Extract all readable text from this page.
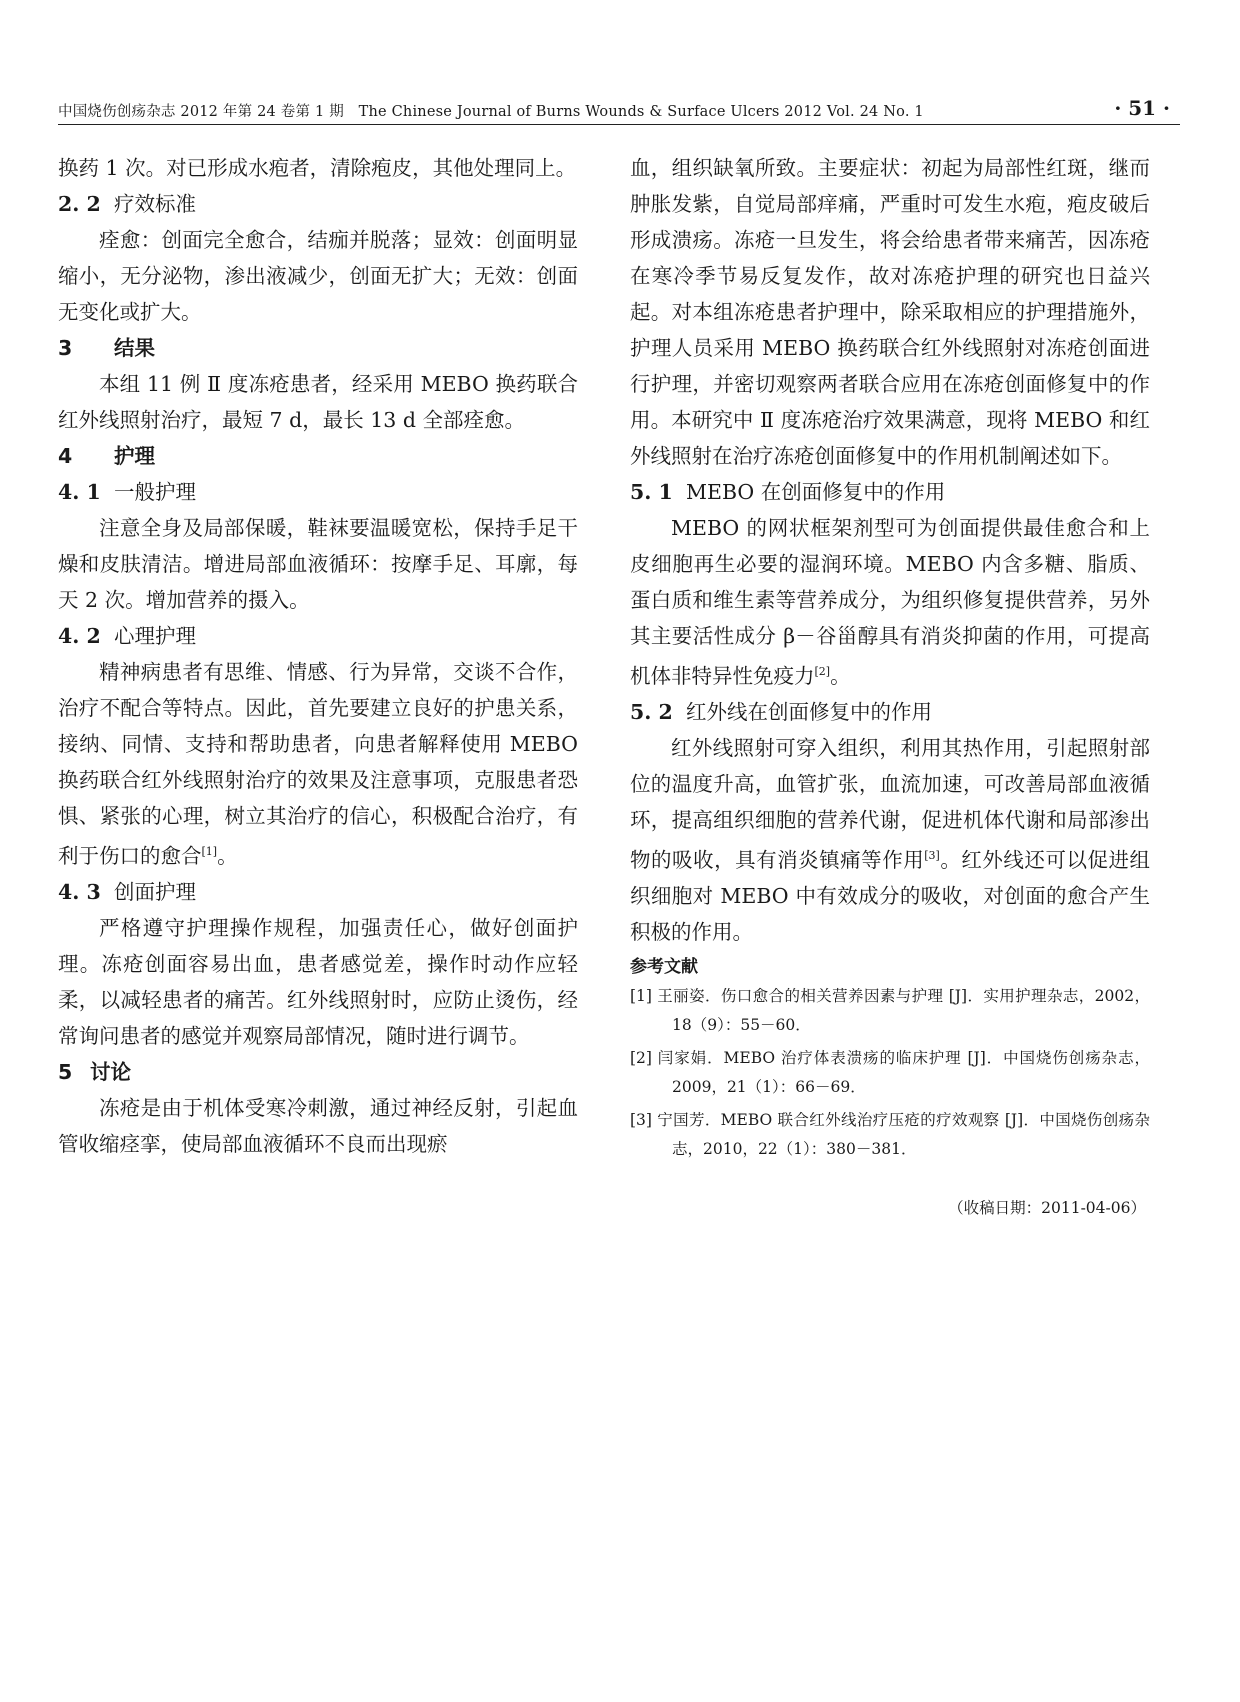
中国烧伤创疡杂志 2012 年第 24 卷第 1 期　The Chinese Journal of Burns Wounds & Surface Ulcers 2012 Vol. 24 No. 1	· 51 ·

换药 1 次。对已形成水疱者，清除疱皮，其他处理同上。

2. 2 疗效标准

痊愈：创面完全愈合，结痂并脱落；显效：创面明显缩小，无分泌物，渗出液减少，创面无扩大；无效：创面无变化或扩大。

3 结果

本组 11 例 Ⅱ 度冻疮患者，经采用 MEBO 换药联合红外线照射治疗，最短 7 d，最长 13 d 全部痊愈。

4 护理
4. 1 一般护理

注意全身及局部保暖，鞋袜要温暖宽松，保持手足干燥和皮肤清洁。增进局部血液循环：按摩手足、耳廓，每天 2 次。增加营养的摄入。

4. 2 心理护理

精神病患者有思维、情感、行为异常，交谈不合作，治疗不配合等特点。因此，首先要建立良好的护患关系，接纳、同情、支持和帮助患者，向患者解释使用 MEBO 换药联合红外线照射治疗的效果及注意事项，克服患者恐惧、紧张的心理，树立其治疗的信心，积极配合治疗，有利于伤口的愈合[1]。

4. 3 创面护理

严格遵守护理操作规程，加强责任心，做好创面护理。冻疮创面容易出血，患者感觉差，操作时动作应轻柔，以减轻患者的痛苦。红外线照射时，应防止烫伤，经常询问患者的感觉并观察局部情况，随时进行调节。

5 讨论

冻疮是由于机体受寒冷刺激，通过神经反射，引起血管收缩痉挛，使局部血液循环不良而出现瘀

血，组织缺氧所致。主要症状：初起为局部性红斑，继而肿胀发紫，自觉局部痒痛，严重时可发生水疱，疱皮破后形成溃疡。冻疮一旦发生，将会给患者带来痛苦，因冻疮在寒冷季节易反复发作，故对冻疮护理的研究也日益兴起。对本组冻疮患者护理中，除采取相应的护理措施外，护理人员采用 MEBO 换药联合红外线照射对冻疮创面进行护理，并密切观察两者联合应用在冻疮创面修复中的作用。本研究中 Ⅱ 度冻疮治疗效果满意，现将 MEBO 和红外线照射在治疗冻疮创面修复中的作用机制阐述如下。

5. 1 MEBO 在创面修复中的作用

MEBO 的网状框架剂型可为创面提供最佳愈合和上皮细胞再生必要的湿润环境。MEBO 内含多糖、脂质、蛋白质和维生素等营养成分，为组织修复提供营养，另外其主要活性成分 β－谷甾醇具有消炎抑菌的作用，可提高机体非特异性免疫力[2]。

5. 2 红外线在创面修复中的作用

红外线照射可穿入组织，利用其热作用，引起照射部位的温度升高，血管扩张，血流加速，可改善局部血液循环，提高组织细胞的营养代谢，促进机体代谢和局部渗出物的吸收，具有消炎镇痛等作用[3]。红外线还可以促进组织细胞对 MEBO 中有效成分的吸收，对创面的愈合产生积极的作用。

参考文献

[1] 王丽姿．伤口愈合的相关营养因素与护理 [J]．实用护理杂志，2002，18（9）：55－60．

[2] 闫家娟．MEBO 治疗体表溃疡的临床护理 [J]．中国烧伤创疡杂志，2009，21（1）：66－69．

[3] 宁国芳．MEBO 联合红外线治疗压疮的疗效观察 [J]．中国烧伤创疡杂志，2010，22（1）：380－381．

（收稿日期：2011-04-06）
